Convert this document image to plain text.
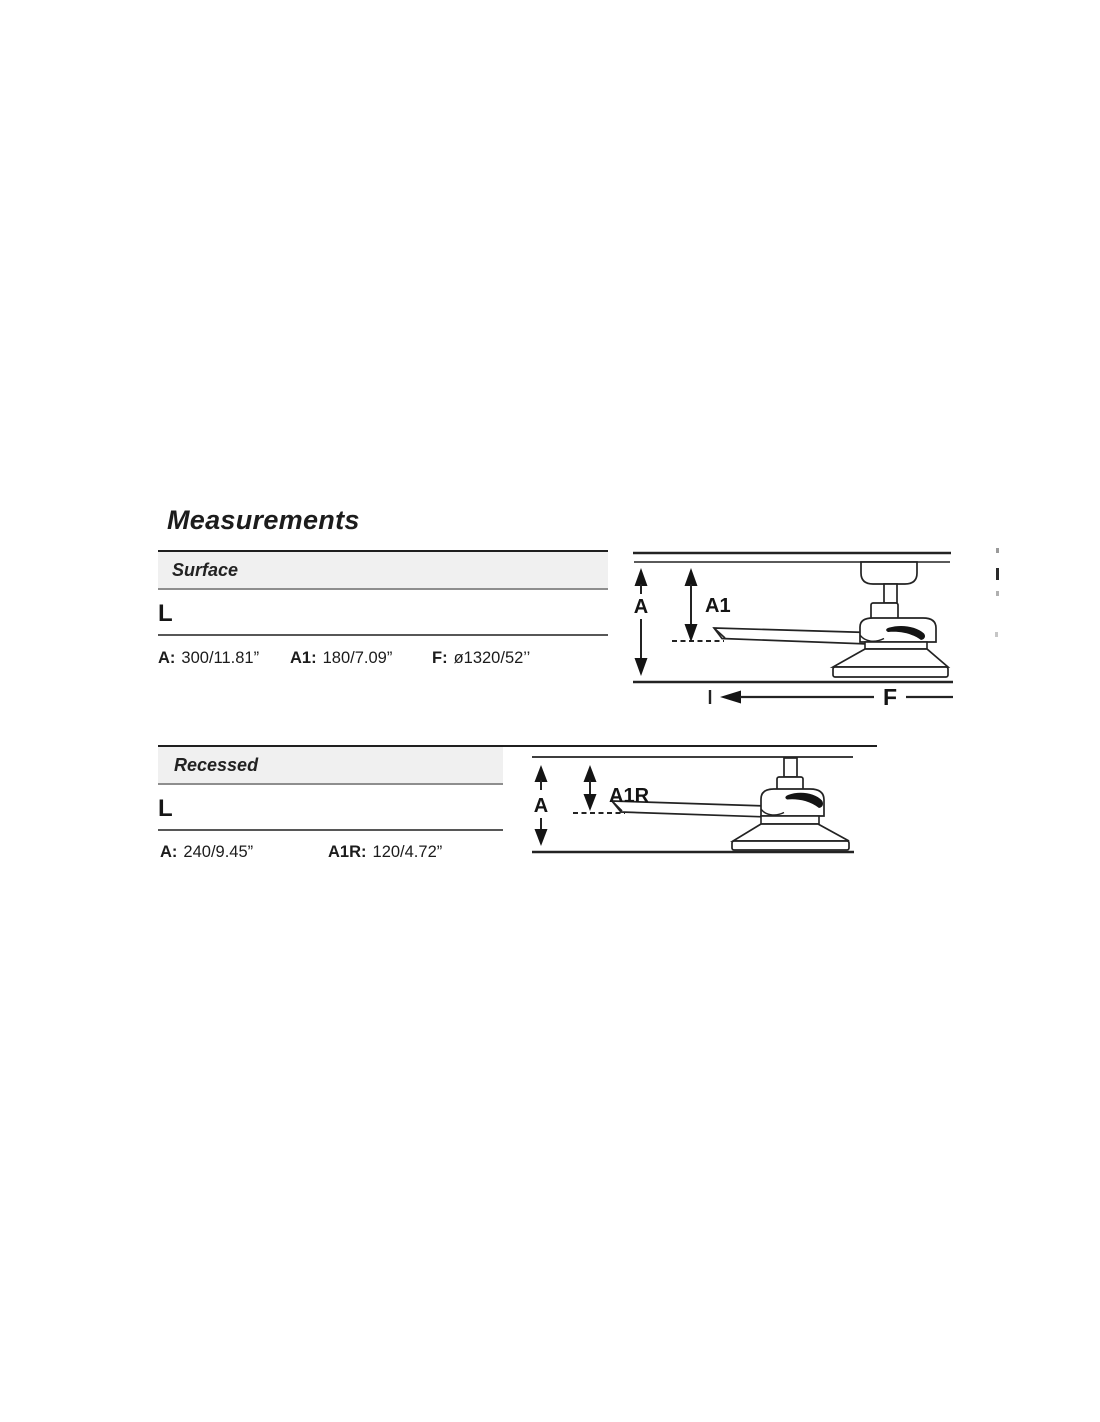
Measurements
Surface
L
A: 300/11.81” A1: 180/7.09” F: ø1320/52’’
A	A1
F
Recessed
L
A: 240/9.45”	A1R: 120/4.72”
A	A1R
